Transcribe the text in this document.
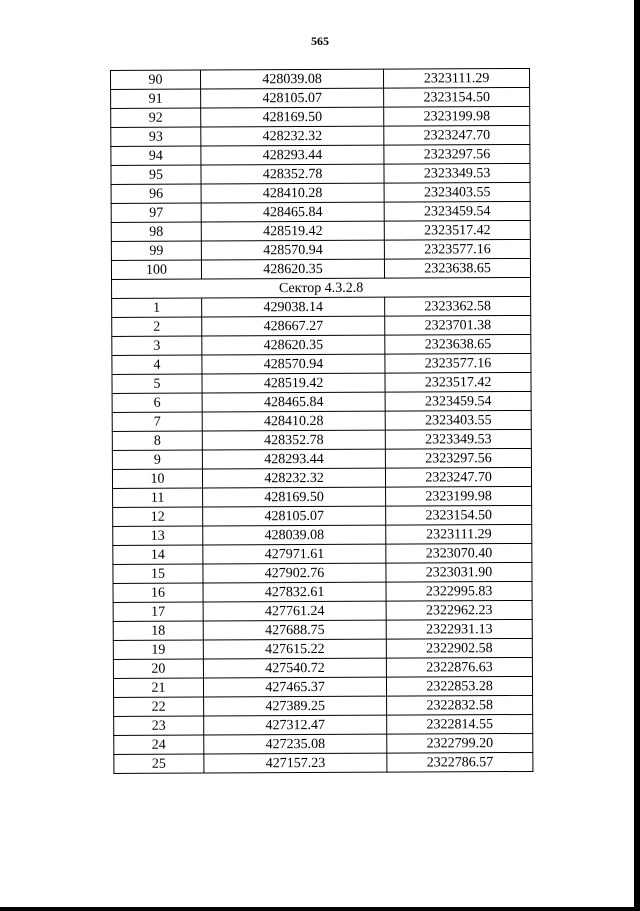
565
90	428039.08	2323111.29
91	428105.07	2323154.50
92	428169.50	2323199.98
93	428232.32	2323247.70
94	428293.44	2323297.56
95	428352.78	2323349.53
96	428410.28	2323403.55
97	428465.84	2323459.54
98	428519.42	2323517.42
99	428570.94	2323577.16
100	428620.35	2323638.65
Сектор 4.3.2.8		
1	429038.14	2323362.58
2	428667.27	2323701.38
3	428620.35	2323638.65
4	428570.94	2323577.16
5	428519.42	2323517.42
6	428465.84	2323459.54
7	428410.28	2323403.55
8	428352.78	2323349.53
9	428293.44	2323297.56
10	428232.32	2323247.70
11	428169.50	2323199.98
12	428105.07	2323154.50
13	428039.08	2323111.29
14	427971.61	2323070.40
15	427902.76	2323031.90
16	427832.61	2322995.83
17	427761.24	2322962.23
18	427688.75	2322931.13
19	427615.22	2322902.58
20	427540.72	2322876.63
21	427465.37	2322853.28
22	427389.25	2322832.58
23	427312.47	2322814.55
24	427235.08	2322799.20
25	427157.23	2322786.57
